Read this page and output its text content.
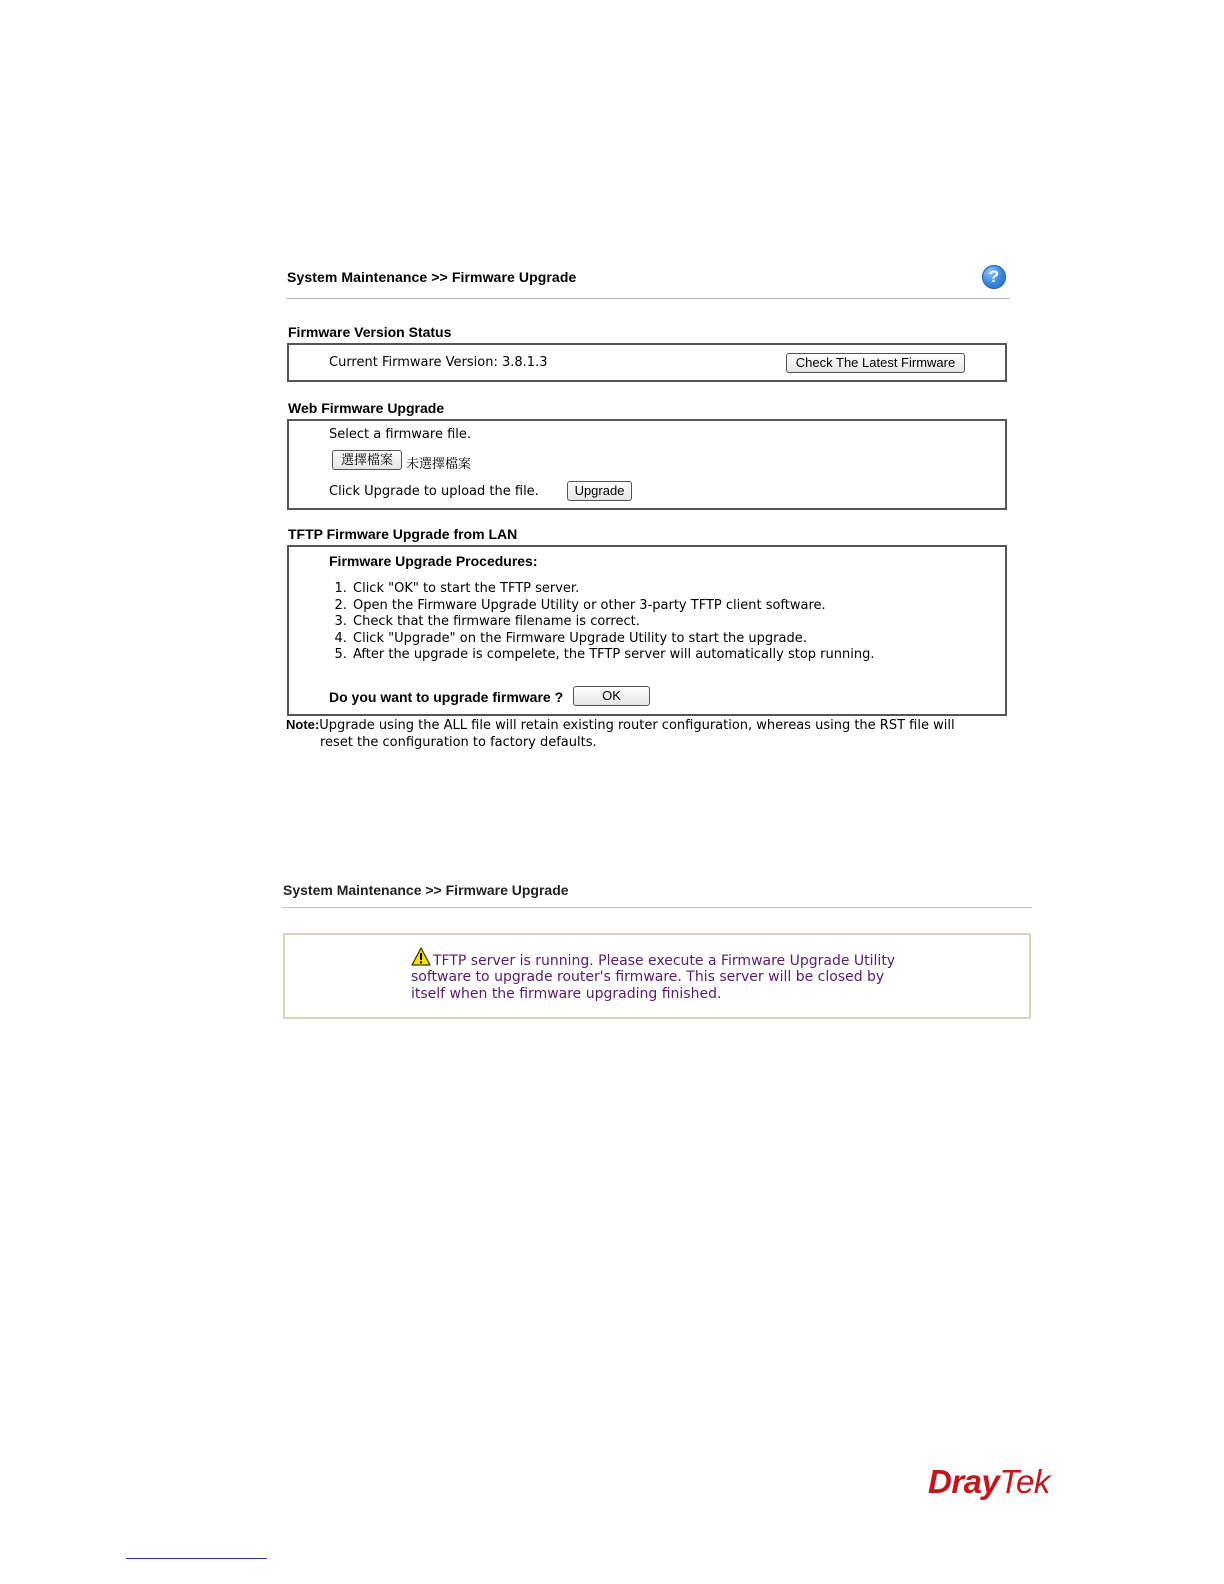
System Maintenance >> Firmware Upgrade	?
Firmware Version Status
Current Firmware Version: 3.8.1.3	Check The Latest Firmware
Web Firmware Upgrade
Select a firmware file.
選擇檔案	未選擇檔案
Click Upgrade to upload the file.	Upgrade
TFTP Firmware Upgrade from LAN
Firmware Upgrade Procedures:
1. Click "OK" to start the TFTP server.
2. Open the Firmware Upgrade Utility or other 3-party TFTP client software.
3. Check that the firmware filename is correct.
4. Click "Upgrade" on the Firmware Upgrade Utility to start the upgrade.
5. After the upgrade is compelete, the TFTP server will automatically stop running.
Do you want to upgrade firmware ?	OK
Note:Upgrade using the ALL file will retain existing router configuration, whereas using the RST file will
reset the configuration to factory defaults.
System Maintenance >> Firmware Upgrade
TFTP server is running. Please execute a Firmware Upgrade Utility
software to upgrade router's firmware. This server will be closed by
itself when the firmware upgrading finished.
DrayTek
